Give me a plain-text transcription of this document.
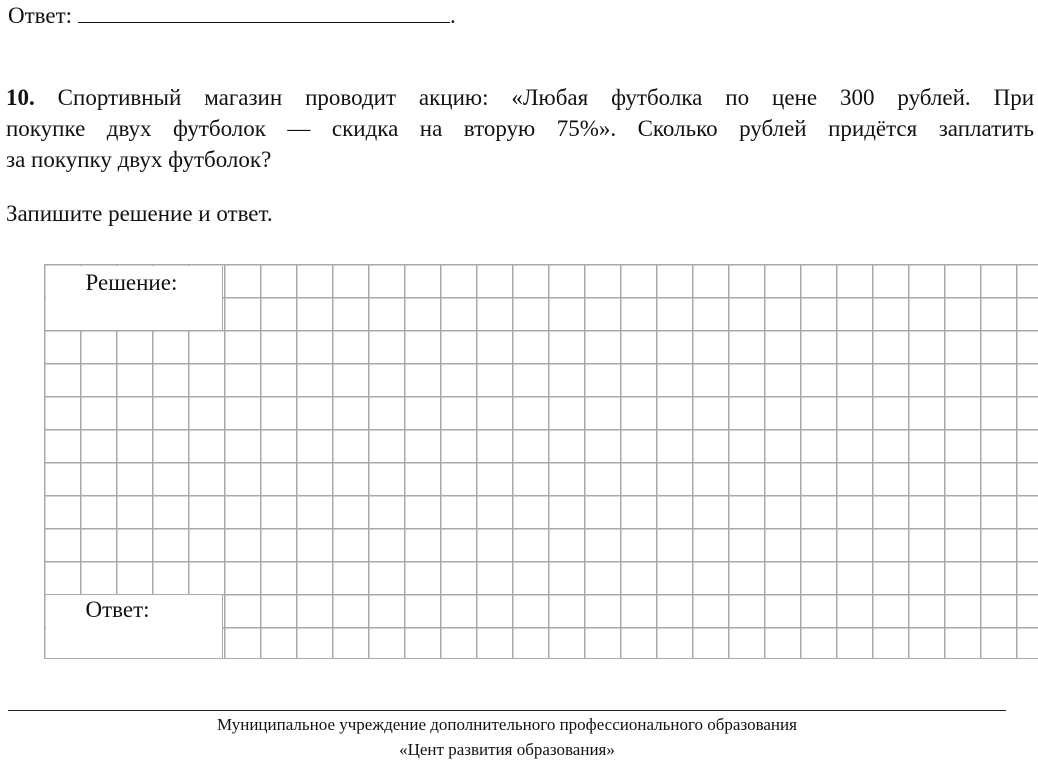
Ответ:	.
10. Спортивный магазин проводит акцию: «Любая футболка по цене 300 рублей. При
покупке двух футболок — скидка на вторую 75%». Сколько рублей придётся заплатить
за покупку двух футболок?
Запишите решение и ответ.
Решение:
Ответ:
Муниципальное учреждение дополнительного профессионального образования
«Цент развития образования»
